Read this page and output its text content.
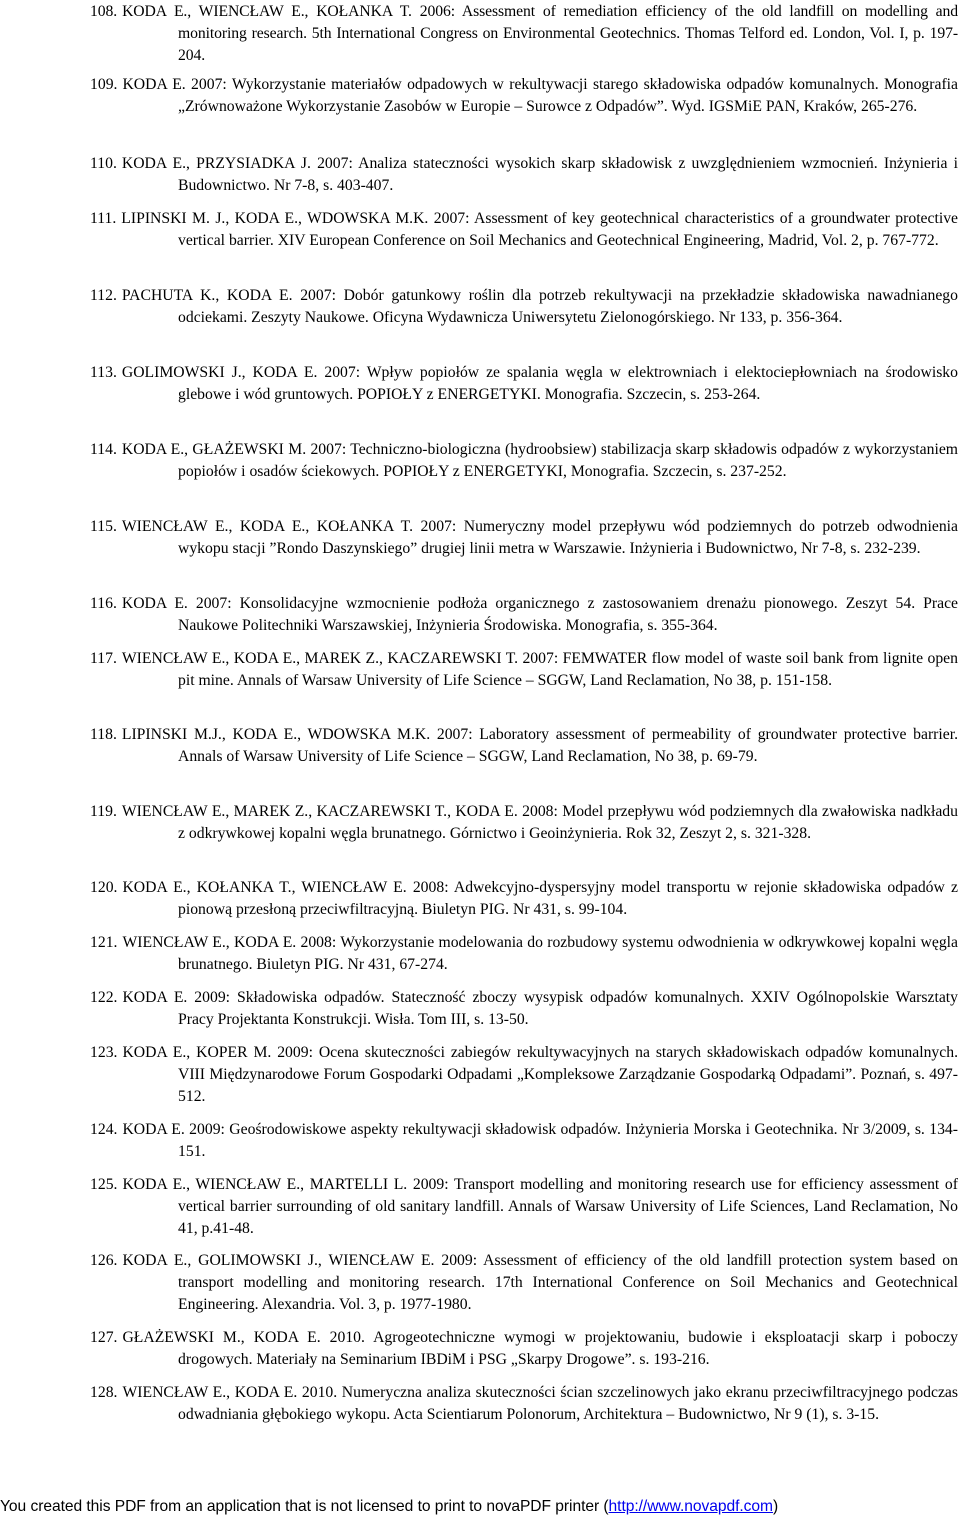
108. KODA E., WIENCŁAW E., KOŁANKA T. 2006: Assessment of remediation efficiency of the old landfill on modelling and monitoring research. 5th International Congress on Environmental Geotechnics. Thomas Telford ed. London, Vol. I, p. 197-204.
109. KODA E. 2007: Wykorzystanie materiałów odpadowych w rekultywacji starego składowiska odpadów komunalnych. Monografia „Zrównoważone Wykorzystanie Zasobów w Europie – Surowce z Odpadów”. Wyd. IGSMiE PAN, Kraków, 265-276.
110. KODA E., PRZYSIADKA J. 2007: Analiza stateczności wysokich skarp składowisk z uwzględnieniem wzmocnień. Inżynieria i Budownictwo. Nr 7-8, s. 403-407.
111. LIPINSKI M. J., KODA E., WDOWSKA M.K. 2007: Assessment of key geotechnical characteristics of a groundwater protective vertical barrier. XIV European Conference on Soil Mechanics and Geotechnical Engineering, Madrid, Vol. 2, p. 767-772.
112. PACHUTA K., KODA E. 2007: Dobór gatunkowy roślin dla potrzeb rekultywacji na przekładzie składowiska nawadnianego odciekami. Zeszyty Naukowe. Oficyna Wydawnicza Uniwersytetu Zielonogórskiego. Nr 133, p. 356-364.
113. GOLIMOWSKI J., KODA E. 2007: Wpływ popiołów ze spalania węgla w elektrowniach i elektociepłowniach na środowisko glebowe i wód gruntowych. POPIOŁY z ENERGETYKI. Monografia. Szczecin, s. 253-264.
114. KODA E., GŁAŻEWSKI M. 2007: Techniczno-biologiczna (hydroobsiew) stabilizacja skarp składowis odpadów z wykorzystaniem popiołów i osadów ściekowych. POPIOŁY z ENERGETYKI, Monografia. Szczecin, s. 237-252.
115. WIENCŁAW E., KODA E., KOŁANKA T. 2007: Numeryczny model przepływu wód podziemnych do potrzeb odwodnienia wykopu stacji ”Rondo Daszynskiego” drugiej linii metra w Warszawie. Inżynieria i Budownictwo, Nr 7-8, s. 232-239.
116. KODA E. 2007: Konsolidacyjne wzmocnienie podłoża organicznego z zastosowaniem drenażu pionowego. Zeszyt 54. Prace Naukowe Politechniki Warszawskiej, Inżynieria Środowiska. Monografia, s. 355-364.
117. WIENCŁAW E., KODA E., MAREK Z., KACZAREWSKI T. 2007: FEMWATER flow model of waste soil bank from lignite open pit mine. Annals of Warsaw University of Life Science – SGGW, Land Reclamation, No 38, p. 151-158.
118. LIPINSKI M.J., KODA E., WDOWSKA M.K. 2007: Laboratory assessment of permeability of groundwater protective barrier. Annals of Warsaw University of Life Science – SGGW, Land Reclamation, No 38, p. 69-79.
119. WIENCŁAW E., MAREK Z., KACZAREWSKI T., KODA E. 2008: Model przepływu wód podziemnych dla zwałowiska nadkładu z odkrywkowej kopalni węgla brunatnego. Górnictwo i Geoinżynieria. Rok 32, Zeszyt 2, s. 321-328.
120. KODA E., KOŁANKA T., WIENCŁAW E. 2008: Adwekcyjno-dyspersyjny model transportu w rejonie składowiska odpadów z pionową przesłoną przeciwfiltracyjną. Biuletyn PIG. Nr 431, s. 99-104.
121. WIENCŁAW E., KODA E. 2008: Wykorzystanie modelowania do rozbudowy systemu odwodnienia w odkrywkowej kopalni węgla brunatnego. Biuletyn PIG. Nr 431, 67-274.
122. KODA E. 2009: Składowiska odpadów. Stateczność zboczy wysypisk odpadów komunalnych. XXIV Ogólnopolskie Warsztaty Pracy Projektanta Konstrukcji. Wisła. Tom III, s. 13-50.
123. KODA E., KOPER M. 2009: Ocena skuteczności zabiegów rekultywacyjnych na starych składowiskach odpadów komunalnych. VIII Międzynarodowe Forum Gospodarki Odpadami „Kompleksowe Zarządzanie Gospodarką Odpadami”. Poznań, s. 497-512.
124. KODA E. 2009: Geośrodowiskowe aspekty rekultywacji składowisk odpadów. Inżynieria Morska i Geotechnika. Nr 3/2009, s. 134-151.
125. KODA E., WIENCŁAW E., MARTELLI L. 2009: Transport modelling and monitoring research use for efficiency assessment of vertical barrier surrounding of old sanitary landfill. Annals of Warsaw University of Life Sciences, Land Reclamation, No 41, p.41-48.
126. KODA E., GOLIMOWSKI J., WIENCŁAW E. 2009: Assessment of efficiency of the old landfill protection system based on transport modelling and monitoring research. 17th International Conference on Soil Mechanics and Geotechnical Engineering. Alexandria. Vol. 3, p. 1977-1980.
127. GŁAŻEWSKI M., KODA E. 2010. Agrogeotechniczne wymogi w projektowaniu, budowie i eksploatacji skarp i poboczy drogowych. Materiały na Seminarium IBDiM i PSG „Skarpy Drogowe”. s. 193-216.
128. WIENCŁAW E., KODA E. 2010. Numeryczna analiza skuteczności ścian szczelinowych jako ekranu przeciwfiltracyjnego podczas odwadniania głębokiego wykopu. Acta Scientiarum Polonorum, Architektura – Budownictwo, Nr 9 (1), s. 3-15.
You created this PDF from an application that is not licensed to print to novaPDF printer (http://www.novapdf.com)
